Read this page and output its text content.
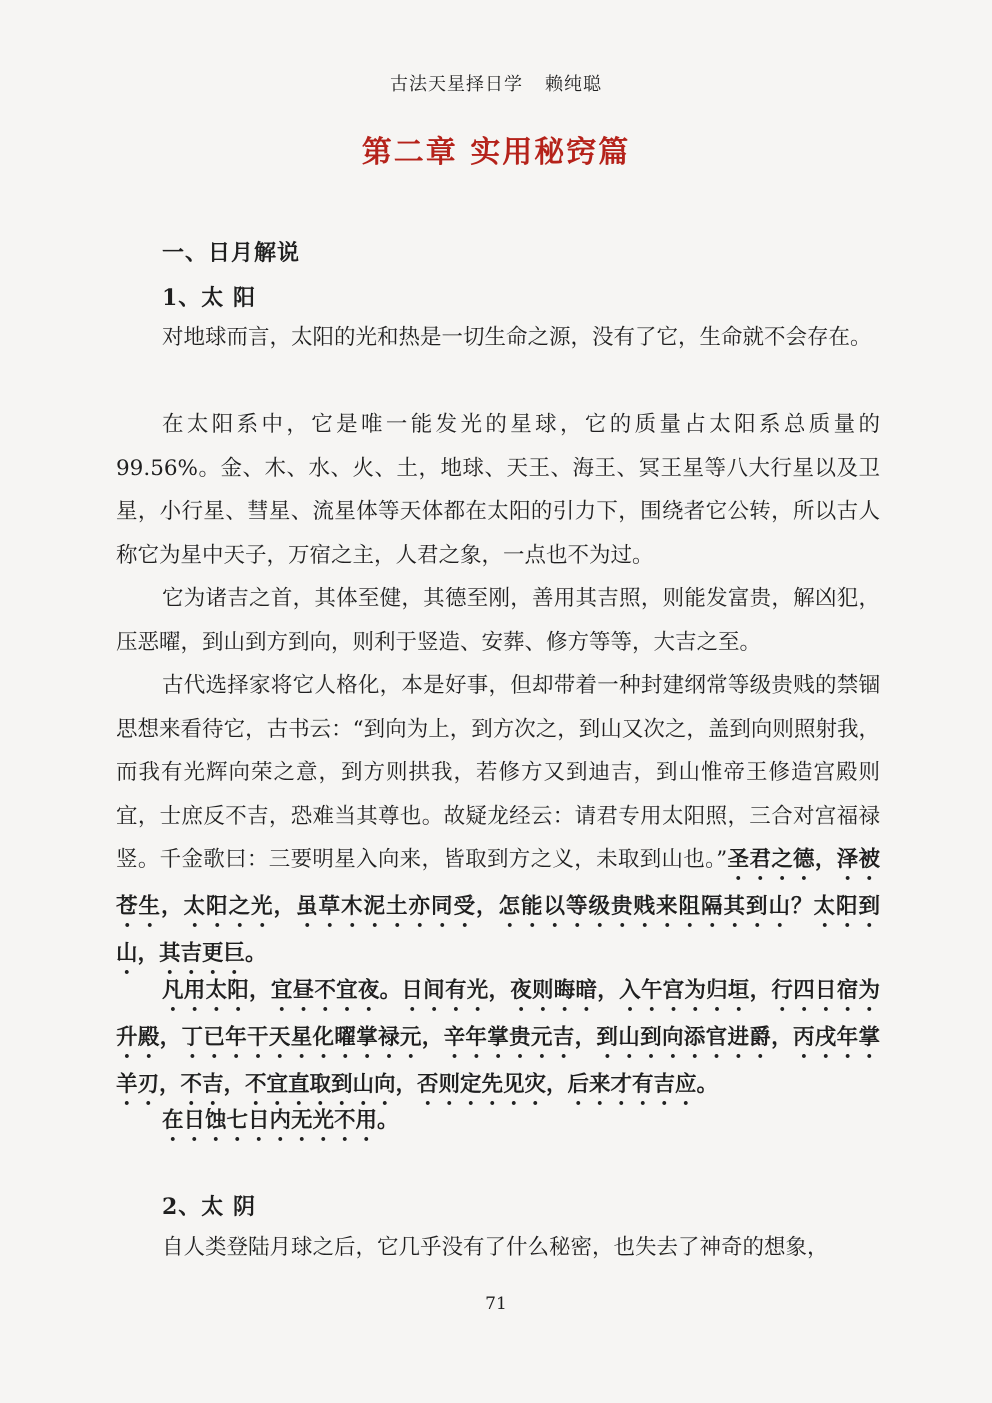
古法天星择日学 赖纯聪
第二章 实用秘窍篇
一、日月解说
1、太 阳

对地球而言，太阳的光和热是一切生命之源，没有了它，生命就不会存在。

在太阳系中，它是唯一能发光的星球，它的质量占太阳系总质量的99.56%。金、木、水、火、土，地球、天王、海王、冥王星等八大行星以及卫星，小行星、彗星、流星体等天体都在太阳的引力下，围绕者它公转，所以古人称它为星中天子，万宿之主，人君之象，一点也不为过。

它为诸吉之首，其体至健，其德至刚，善用其吉照，则能发富贵，解凶犯，压恶曜，到山到方到向，则利于竖造、安葬、修方等等，大吉之至。

古代选择家将它人格化，本是好事，但却带着一种封建纲常等级贵贱的禁锢思想来看待它，古书云：“到向为上，到方次之，到山又次之，盖到向则照射我，而我有光辉向荣之意，到方则拱我，若修方又到迪吉，到山惟帝王修造宫殿则宜，士庶反不吉，恐难当其尊也。故疑龙经云：请君专用太阳照，三合对宫福禄竖。千金歌曰：三要明星入向来，皆取到方之义，未取到山也。”圣君之德，泽被苍生，太阳之光，虽草木泥土亦同受，怎能以等级贵贱来阻隔其到山？太阳到山，其吉更巨。

凡用太阳，宜昼不宜夜。日间有光，夜则晦暗，入午宫为归垣，行四日宿为升殿，丁已年干天星化曜掌禄元，辛年掌贵元吉，到山到向添官进爵，丙戌年掌羊刃，不吉，不宜直取到山向，否则定先见灾，后来才有吉应。

在日蚀七日内无光不用。

2、太 阴

自人类登陆月球之后，它几乎没有了什么秘密，也失去了神奇的想象，

71
